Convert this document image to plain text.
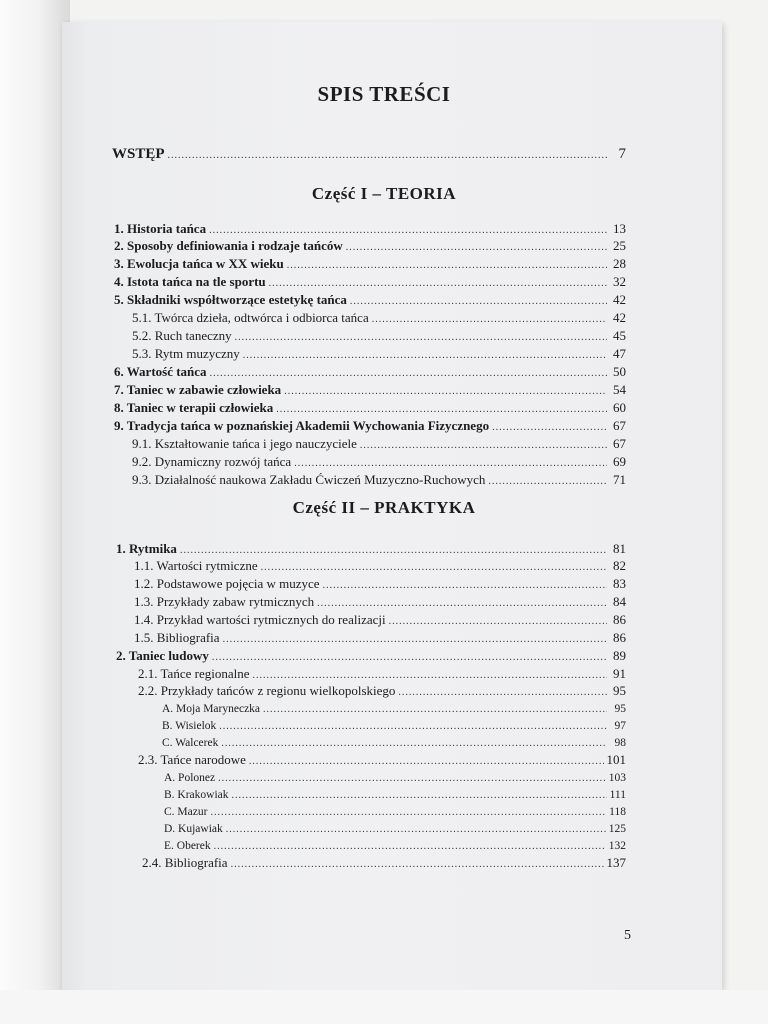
SPIS TREŚCI
WSTĘP .....	7
Część I – TEORIA
1. Historia tańca .....	13
2. Sposoby definiowania i rodzaje tańców .....	25
3. Ewolucja tańca w XX wieku .....	28
4. Istota tańca na tle sportu .....	32
5. Składniki współtworzące estetykę tańca .....	42
5.1. Twórca dzieła, odtwórca i odbiorca tańca .....	42
5.2. Ruch taneczny .....	45
5.3. Rytm muzyczny .....	47
6. Wartość tańca .....	50
7. Taniec w zabawie człowieka .....	54
8. Taniec w terapii człowieka .....	60
9. Tradycja tańca w poznańskiej Akademii Wychowania Fizycznego .....	67
9.1. Kształtowanie tańca i jego nauczyciele .....	67
9.2. Dynamiczny rozwój tańca .....	69
9.3. Działalność naukowa Zakładu Ćwiczeń Muzyczno-Ruchowych .....	71
Część II – PRAKTYKA
1. Rytmika .....	81
1.1. Wartości rytmiczne .....	82
1.2. Podstawowe pojęcia w muzyce .....	83
1.3. Przykłady zabaw rytmicznych .....	84
1.4. Przykład wartości rytmicznych do realizacji .....	86
1.5. Bibliografia .....	86
2. Taniec ludowy .....	89
2.1. Tańce regionalne .....	91
2.2. Przykłady tańców z regionu wielkopolskiego .....	95
A. Moja Maryneczka .....	95
B. Wisielok .....	97
C. Walcerek .....	98
2.3. Tańce narodowe .....	101
A. Polonez .....	103
B. Krakowiak .....	111
C. Mazur .....	118
D. Kujawiak .....	125
E. Oberek .....	132
2.4. Bibliografia .....	137
5
